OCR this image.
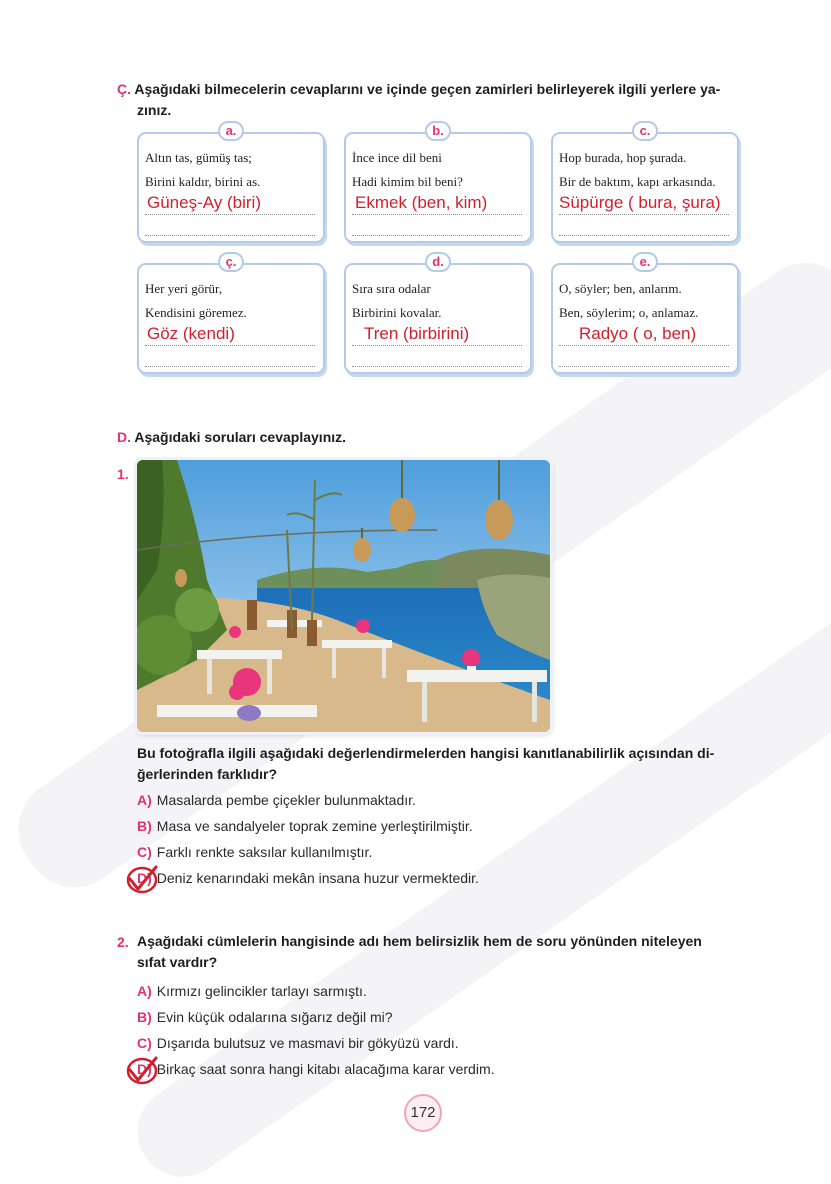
Ç. Aşağıdaki bilmecelerin cevaplarını ve içinde geçen zamirleri belirleyerek ilgili yerlere ya-
zınız.
a.
Altın tas, gümüş tas;
Birini kaldır, birini as.
Güneş-Ay (biri)
b.
İnce ince dil beni
Hadi kimim bil beni?
Ekmek (ben, kim)
c.
Hop burada, hop şurada.
Bir de baktım, kapı arkasında.
Süpürge ( bura, şura)
ç.
Her yeri görür,
Kendisini göremez.
Göz (kendi)
d.
Sıra sıra odalar
Birbirini kovalar.
Tren (birbirini)
e.
O, söyler; ben, anlarım.
Ben, söylerim; o, anlamaz.
Radyo ( o, ben)
D. Aşağıdaki soruları cevaplayınız.
1.
Bu fotoğrafla ilgili aşağıdaki değerlendirmelerden hangisi kanıtlanabilirlik açısından di-
ğerlerinden farklıdır?
A) Masalarda pembe çiçekler bulunmaktadır.
B) Masa ve sandalyeler toprak zemine yerleştirilmiştir.
C) Farklı renkte saksılar kullanılmıştır.
D) Deniz kenarındaki mekân insana huzur vermektedir.
2. Aşağıdaki cümlelerin hangisinde adı hem belirsizlik hem de soru yönünden niteleyen
sıfat vardır?
A) Kırmızı gelincikler tarlayı sarmıştı.
B) Evin küçük odalarına sığarız değil mi?
C) Dışarıda bulutsuz ve masmavi bir gökyüzü vardı.
D) Birkaç saat sonra hangi kitabı alacağıma karar verdim.
172
